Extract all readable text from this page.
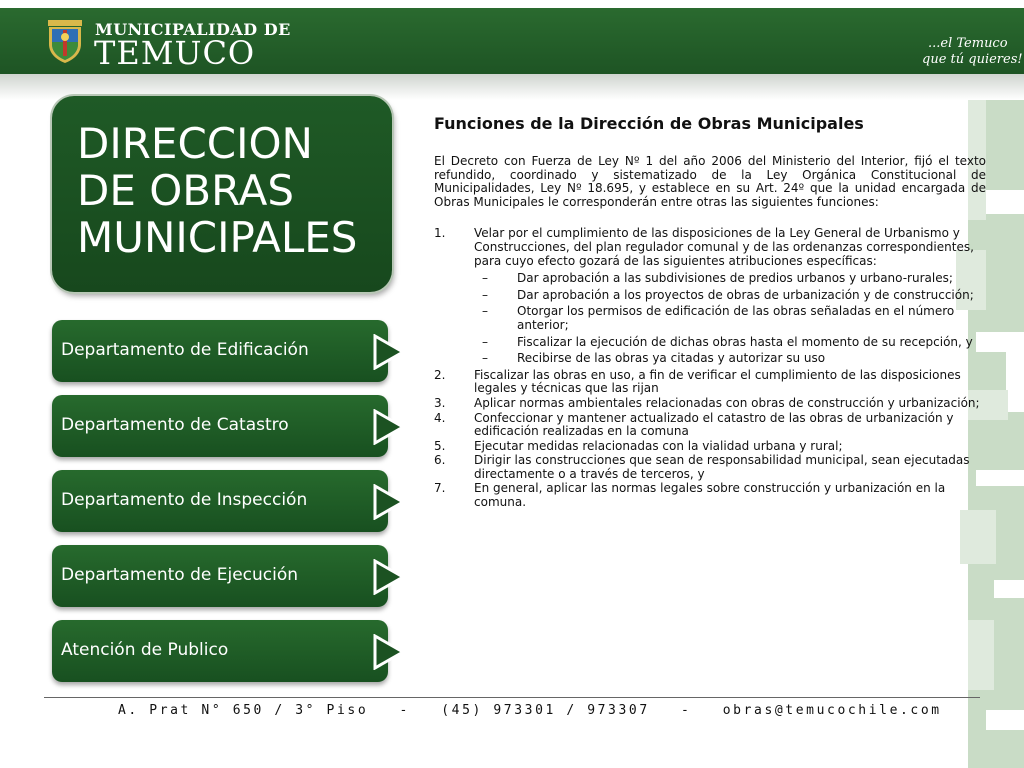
MUNICIPALIDAD DE
TEMUCO	...el Temuco
que tú quieres!
DIRECCION
DE OBRAS
MUNICIPALES
Departamento de Edificación
Departamento de Catastro
Departamento de Inspección
Departamento de Ejecución
Atención de Publico
Funciones de la Dirección de Obras Municipales

El Decreto con Fuerza de Ley Nº 1 del año 2006 del Ministerio del Interior, fijó el texto refundido, coordinado y sistematizado de la Ley Orgánica Constitucional de Municipalidades, Ley Nº 18.695, y establece en su Art. 24º que la unidad encargada de Obras Municipales le corresponderán entre otras las siguientes funciones:

1. Velar por el cumplimiento de las disposiciones de la Ley General de Urbanismo y Construcciones, del plan regulador comunal y de las ordenanzas correspondientes, para cuyo efecto gozará de las siguientes atribuciones específicas:
– Dar aprobación a las subdivisiones de predios urbanos y urbano-rurales;
– Dar aprobación a los proyectos de obras de urbanización y de construcción;
– Otorgar los permisos de edificación de las obras señaladas en el número anterior;
– Fiscalizar la ejecución de dichas obras hasta el momento de su recepción, y
– Recibirse de las obras ya citadas y autorizar su uso
2. Fiscalizar las obras en uso, a fin de verificar el cumplimiento de las disposiciones legales y técnicas que las rijan
3. Aplicar normas ambientales relacionadas con obras de construcción y urbanización;
4. Confeccionar y mantener actualizado el catastro de las obras de urbanización y edificación realizadas en la comuna
5. Ejecutar medidas relacionadas con la vialidad urbana y rural;
6. Dirigir las construcciones que sean de responsabilidad municipal, sean ejecutadas directamente o a través de terceros, y
7. En general, aplicar las normas legales sobre construcción y urbanización en la comuna.
A. Prat N° 650 / 3° Piso   -   (45) 973301 / 973307   -   obras@temucochile.com
